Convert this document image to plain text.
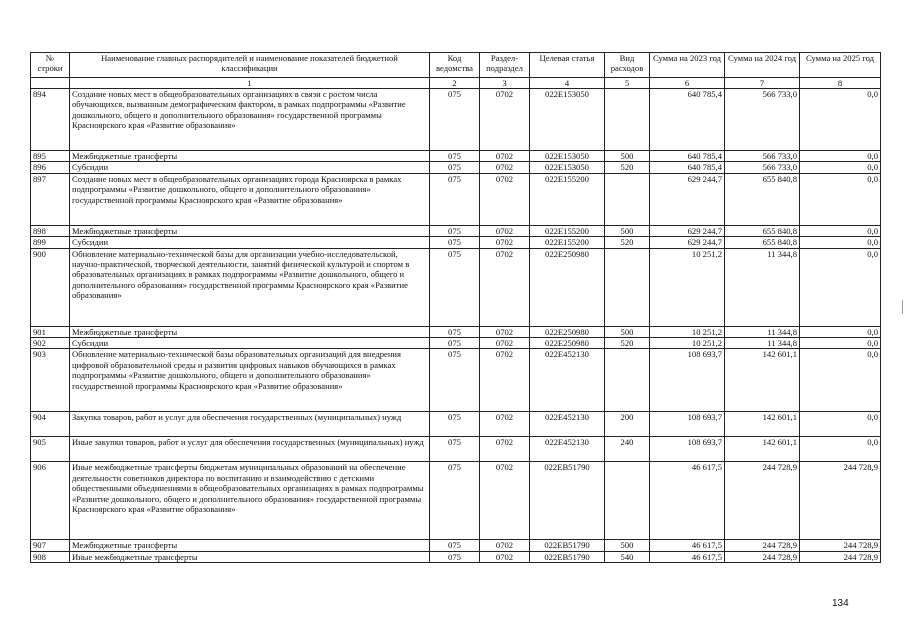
№ строки	Наименование главных распорядителей и наименование показателей бюджетной классификации	Код ведомства	Раздел-подраздел	Целевая статья	Вид расходов	Сумма на 2023 год	Сумма на 2024 год	Сумма на 2025 год
	1	2	3	4	5	6	7	8
894	Создание новых мест в общеобразовательных организациях в связи с ростом числа обучающихся, вызванным демографическим фактором, в рамках подпрограммы «Развитие дошкольного, общего и дополнительного образования» государственной программы Красноярского края «Развитие образования»	075	0702	022Е153050		640 785,4	566 733,0	0,0
895	Межбюджетные трансферты	075	0702	022Е153050	500	640 785,4	566 733,0	0,0
896	Субсидии	075	0702	022Е153050	520	640 785,4	566 733,0	0,0
897	Создание новых мест в общеобразовательных организациях города Красноярска в рамках подпрограммы «Развитие дошкольного, общего и дополнительного образования» государственной программы Красноярского края «Развитие образования»	075	0702	022Е155200		629 244,7	655 840,8	0,0
898	Межбюджетные трансферты	075	0702	022Е155200	500	629 244,7	655 840,8	0,0
899	Субсидии	075	0702	022Е155200	520	629 244,7	655 840,8	0,0
900	Обновление материально-технической базы для организации учебно-исследовательской, научно-практической, творческой деятельности, занятий физической культурой и спортом в образовательных организациях в рамках подпрограммы «Развитие дошкольного, общего и дополнительного образования» государственной программы Красноярского края «Развитие образования»	075	0702	022Е250980		10 251,2	11 344,8	0,0
901	Межбюджетные трансферты	075	0702	022Е250980	500	10 251,2	11 344,8	0,0
902	Субсидии	075	0702	022Е250980	520	10 251,2	11 344,8	0,0
903	Обновление материально-технической базы образовательных организаций для внедрения цифровой образовательной среды и развития цифровых навыков обучающихся в рамках подпрограммы «Развитие дошкольного, общего и дополнительного образования» государственной программы Красноярского края «Развитие образования»	075	0702	022Е452130		108 693,7	142 601,1	0,0
904	Закупка товаров, работ и услуг для обеспечения государственных (муниципальных) нужд	075	0702	022Е452130	200	108 693,7	142 601,1	0,0
905	Иные закупки товаров, работ и услуг для обеспечения государственных (муниципальных) нужд	075	0702	022Е452130	240	108 693,7	142 601,1	0,0
906	Иные межбюджетные трансферты бюджетам муниципальных образований на обеспечение деятельности советников директора по воспитанию и взаимодействию с детскими общественными объединениями в общеобразовательных организациях в рамках подпрограммы «Развитие дошкольного, общего и дополнительного образования» государственной программы Красноярского края «Развитие образования»	075	0702	022ЕВ51790		46 617,5	244 728,9	244 728,9
907	Межбюджетные трансферты	075	0702	022ЕВ51790	500	46 617,5	244 728,9	244 728,9
908	Иные межбюджетные трансферты	075	0702	022ЕВ51790	540	46 617,5	244 728,9	244 728,9
134
